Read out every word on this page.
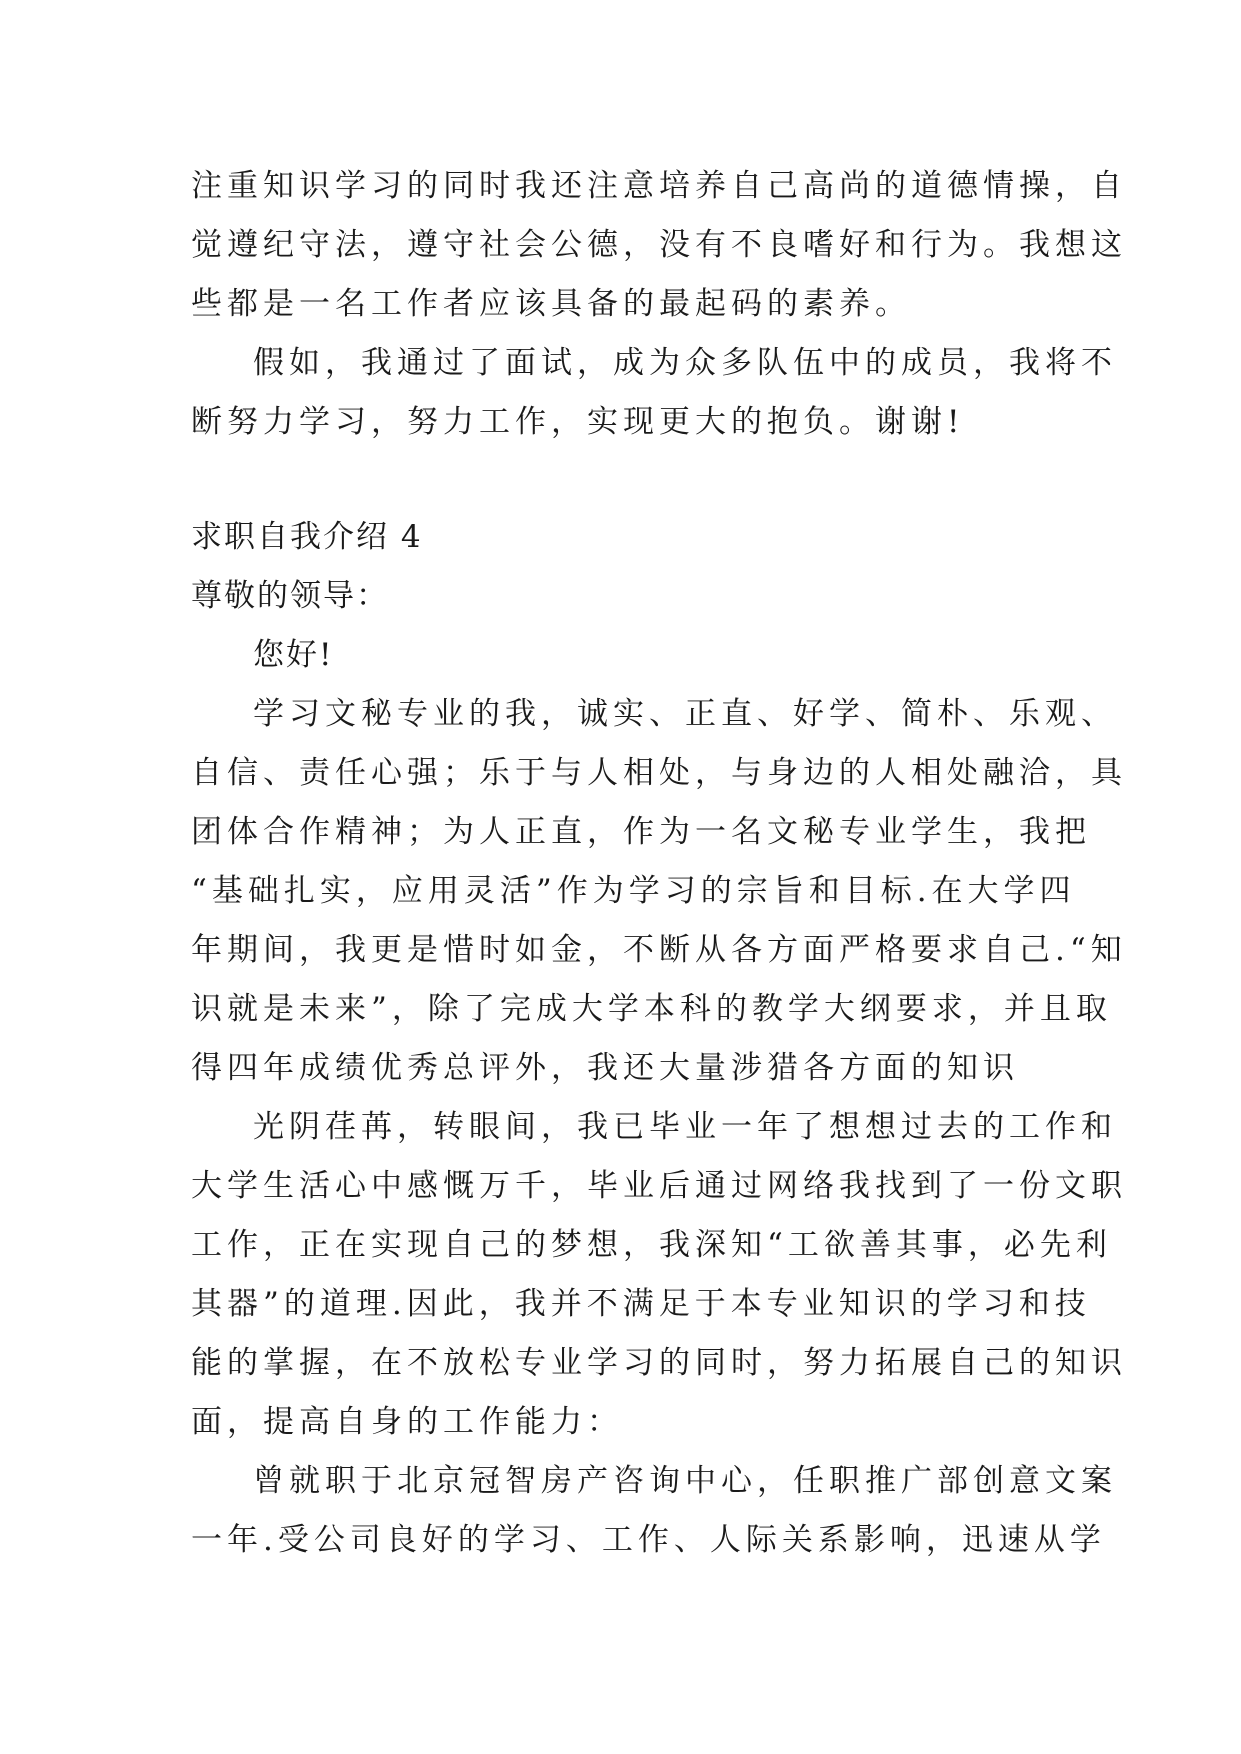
注重知识学习的同时我还注意培养自己高尚的道德情操，自
觉遵纪守法，遵守社会公德，没有不良嗜好和行为。我想这
些都是一名工作者应该具备的最起码的素养。
假如，我通过了面试，成为众多队伍中的成员，我将不
断努力学习，努力工作，实现更大的抱负。谢谢!
求职自我介绍 4
尊敬的领导：
您好!
学习文秘专业的我，诚实、正直、好学、简朴、乐观、
自信、责任心强；乐于与人相处，与身边的人相处融洽，具
团体合作精神；为人正直，作为一名文秘专业学生，我把
“基础扎实，应用灵活”作为学习的宗旨和目标.在大学四
年期间，我更是惜时如金，不断从各方面严格要求自己.“知
识就是未来”，除了完成大学本科的教学大纲要求，并且取
得四年成绩优秀总评外，我还大量涉猎各方面的知识
光阴荏苒，转眼间，我已毕业一年了想想过去的工作和
大学生活心中感慨万千，毕业后通过网络我找到了一份文职
工作，正在实现自己的梦想，我深知“工欲善其事，必先利
其器”的道理.因此，我并不满足于本专业知识的学习和技
能的掌握，在不放松专业学习的同时，努力拓展自己的知识
面，提高自身的工作能力：
曾就职于北京冠智房产咨询中心，任职推广部创意文案
一年.受公司良好的学习、工作、人际关系影响，迅速从学
